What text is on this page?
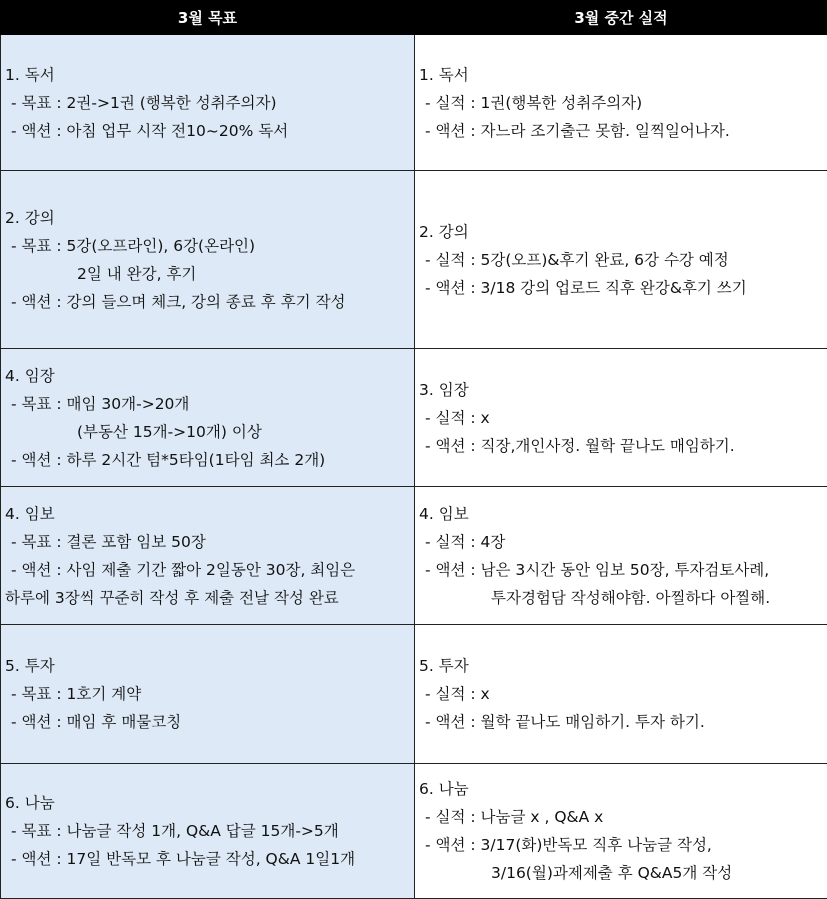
3월 목표	3월 중간 실적

1. 독서
- 목표 : 2권->1권 (행복한 성취주의자)
- 액션 : 아침 업무 시작 전10~20% 독서	1. 독서
- 실적 : 1권(행복한 성취주의자)
- 액션 : 자느라 조기출근 못함. 일찍일어나자.

2. 강의
- 목표 : 5강(오프라인), 6강(온라인)
2일 내 완강, 후기
- 액션 : 강의 들으며 체크, 강의 종료 후 후기 작성	2. 강의
- 실적 : 5강(오프)&후기 완료, 6강 수강 예정
- 액션 : 3/18 강의 업로드 직후 완강&후기 쓰기

4. 임장
- 목표 : 매임 30개->20개
(부동산 15개->10개) 이상
- 액션 : 하루 2시간 텀*5타임(1타임 최소 2개)	3. 임장
- 실적 : x
- 액션 : 직장,개인사정. 월학 끝나도 매임하기.

4. 임보
- 목표 : 결론 포함 임보 50장
- 액션 : 사임 제출 기간 짧아 2일동안 30장, 최임은
하루에 3장씩 꾸준히 작성 후 제출 전날 작성 완료	4. 임보
- 실적 : 4장
- 액션 : 남은 3시간 동안 임보 50장, 투자검토사례,
투자경험담 작성해야함. 아찔하다 아찔해.

5. 투자
- 목표 : 1호기 계약
- 액션 : 매임 후 매물코칭	5. 투자
- 실적 : x
- 액션 : 월학 끝나도 매임하기. 투자 하기.

6. 나눔
- 목표 : 나눔글 작성 1개, Q&A 답글 15개->5개
- 액션 : 17일 반독모 후 나눔글 작성, Q&A 1일1개	6. 나눔
- 실적 : 나눔글 x , Q&A x
- 액션 : 3/17(화)반독모 직후 나눔글 작성,
3/16(월)과제제출 후 Q&A5개 작성
